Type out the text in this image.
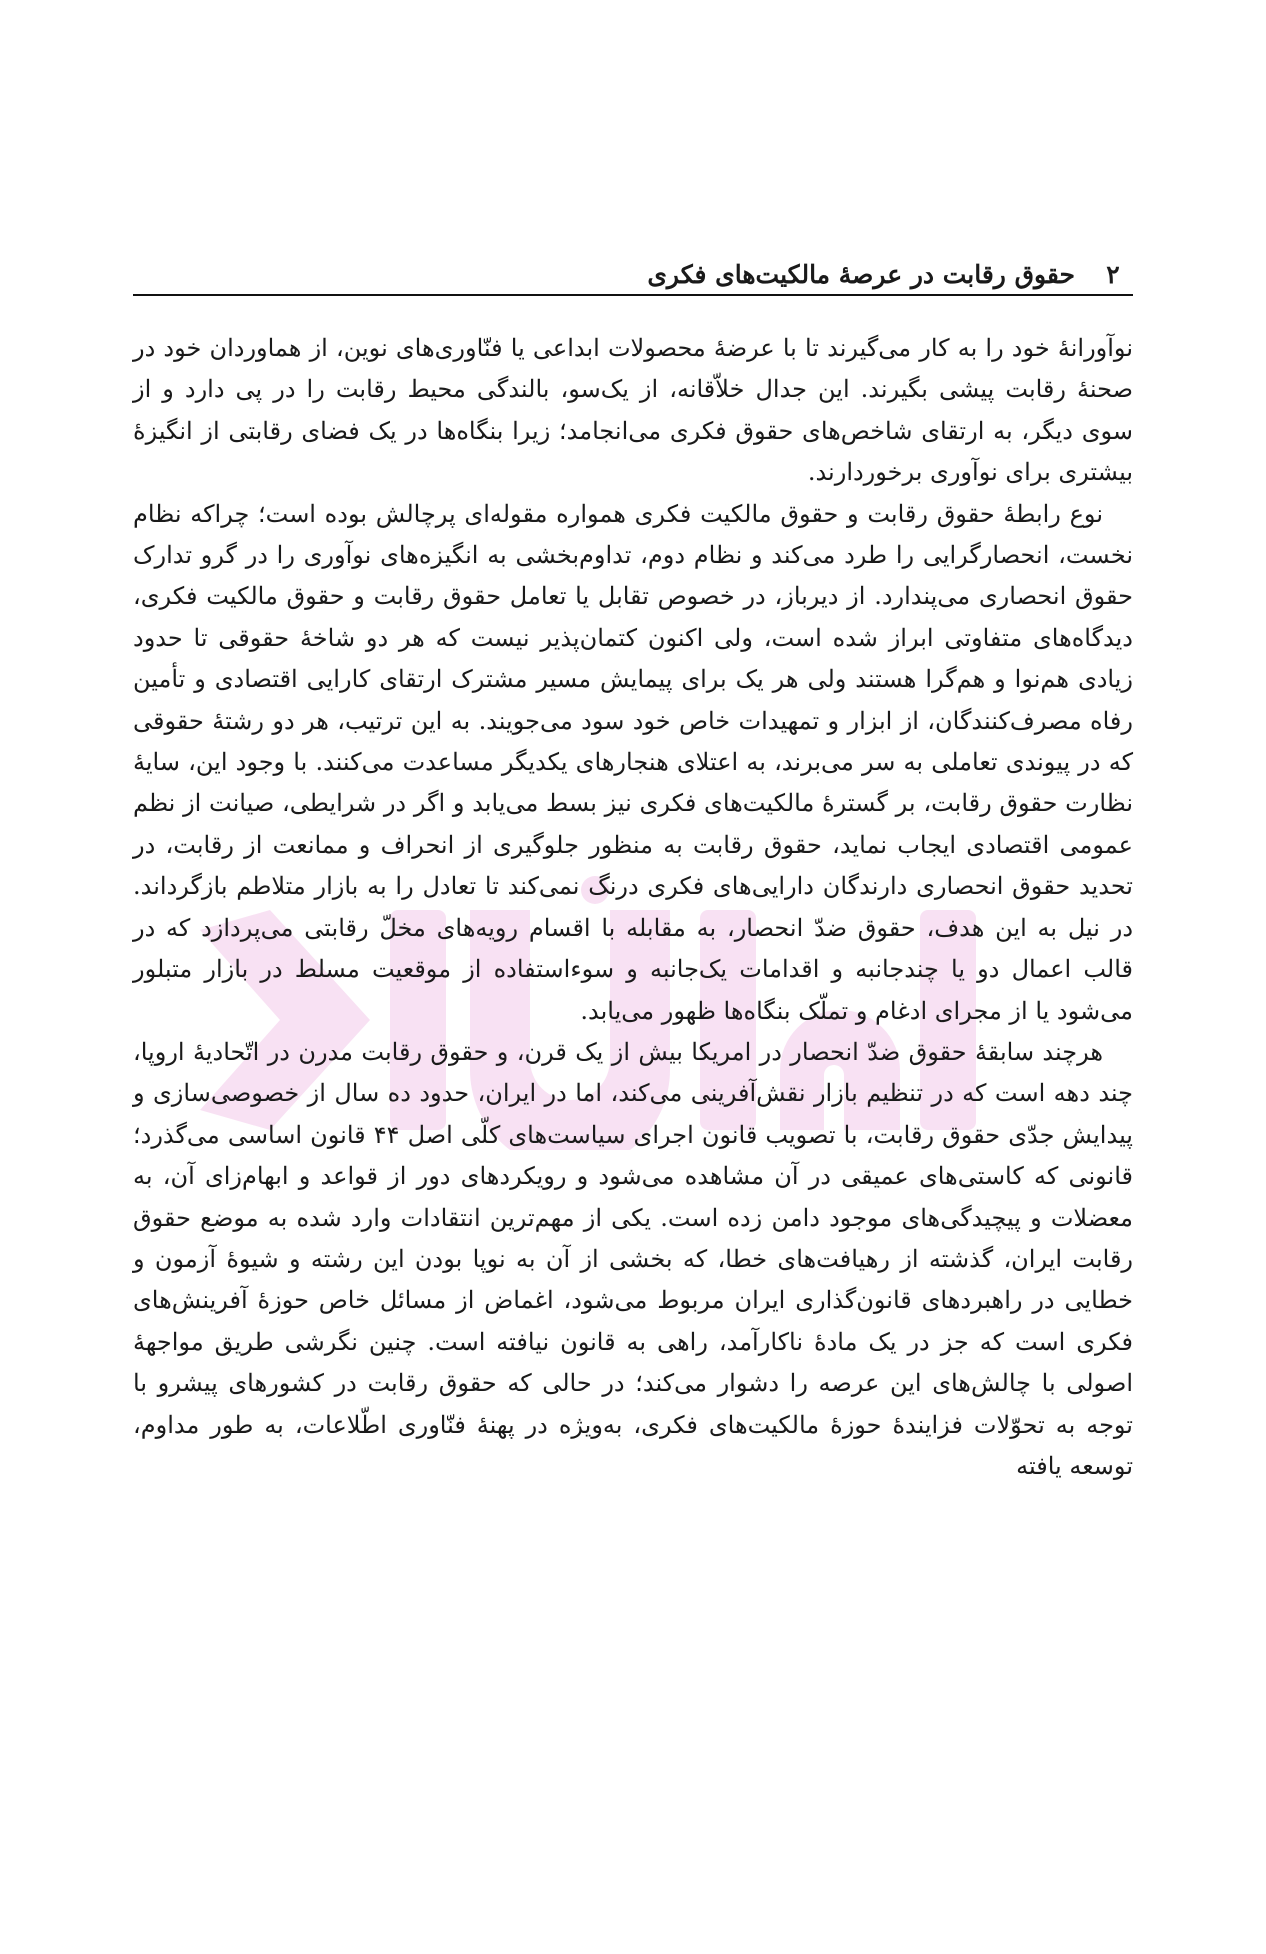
۲
حقوق رقابت در عرصهٔ مالکیت‌های فکری

نوآورانهٔ خود را به کار می‌گیرند تا با عرضهٔ محصولات ابداعی یا فنّاوری‌های نوین، از هماوردان خود در صحنهٔ رقابت پیشی بگیرند. این جدال خلاّقانه، از یک‌سو، بالندگی محیط رقابت را در پی دارد و از سوی دیگر، به ارتقای شاخص‌های حقوق فکری می‌انجامد؛ زیرا بنگاه‌ها در یک فضای رقابتی از انگیزهٔ بیشتری برای نوآوری برخوردارند.

نوع رابطهٔ حقوق رقابت و حقوق مالکیت فکری همواره مقوله‌ای پرچالش بوده است؛ چراکه نظام نخست، انحصارگرایی را طرد می‌کند و نظام دوم، تداوم‌بخشی به انگیزه‌های نوآوری را در گرو تدارک حقوق انحصاری می‌پندارد. از دیرباز، در خصوص تقابل یا تعامل حقوق رقابت و حقوق مالکیت فکری، دیدگاه‌های متفاوتی ابراز شده است، ولی اکنون کتمان‌پذیر نیست که هر دو شاخهٔ حقوقی تا حدود زیادی هم‌نوا و هم‌گرا هستند ولی هر یک برای پیمایش مسیر مشترک ارتقای کارایی اقتصادی و تأمین رفاه مصرف‌کنندگان، از ابزار و تمهیدات خاص خود سود می‌جویند. به این ترتیب، هر دو رشتهٔ حقوقی که در پیوندی تعاملی به سر می‌برند، به اعتلای هنجارهای یکدیگر مساعدت می‌کنند. با وجود این، سایهٔ نظارت حقوق رقابت، بر گسترهٔ مالکیت‌های فکری نیز بسط می‌یابد و اگر در شرایطی، صیانت از نظم عمومی اقتصادی ایجاب نماید، حقوق رقابت به منظور جلوگیری از انحراف و ممانعت از رقابت، در تحدید حقوق انحصاری دارندگان دارایی‌های فکری درنگ نمی‌کند تا تعادل را به بازار متلاطم بازگرداند. در نیل به این هدف، حقوق ضدّ انحصار، به مقابله با اقسام رویه‌های مخلّ رقابتی می‌پردازد که در قالب اعمال دو یا چندجانبه و اقدامات یک‌جانبه و سوءاستفاده از موقعیت مسلط در بازار متبلور می‌شود یا از مجرای ادغام و تملّک بنگاه‌ها ظهور می‌یابد.

هرچند سابقهٔ حقوق ضدّ انحصار در امریکا بیش از یک قرن، و حقوق رقابت مدرن در اتّحادیهٔ اروپا، چند دهه است که در تنظیم بازار نقش‌آفرینی می‌کند، اما در ایران، حدود ده سال از خصوصی‌سازی و پیدایش جدّی حقوق رقابت، با تصویب قانون اجرای سیاست‌های کلّی اصل ۴۴ قانون اساسی می‌گذرد؛ قانونی که کاستی‌های عمیقی در آن مشاهده می‌شود و رویکردهای دور از قواعد و ابهام‌زای آن، به معضلات و پیچیدگی‌های موجود دامن زده است. یکی از مهم‌ترین انتقادات وارد شده به موضع حقوق رقابت ایران، گذشته از رهیافت‌های خطا، که بخشی از آن به نوپا بودن این رشته و شیوهٔ آزمون و خطایی در راهبردهای قانون‌گذاری ایران مربوط می‌شود، اغماض از مسائل خاص حوزهٔ آفرینش‌های فکری است که جز در یک مادهٔ ناکارآمد، راهی به قانون نیافته است. چنین نگرشی طریق مواجههٔ اصولی با چالش‌های این عرصه را دشوار می‌کند؛ در حالی که حقوق رقابت در کشورهای پیشرو با توجه به تحوّلات فزایندهٔ حوزهٔ مالکیت‌های فکری، به‌ویژه در پهنهٔ فنّاوری اطّلاعات، به طور مداوم، توسعه یافته
